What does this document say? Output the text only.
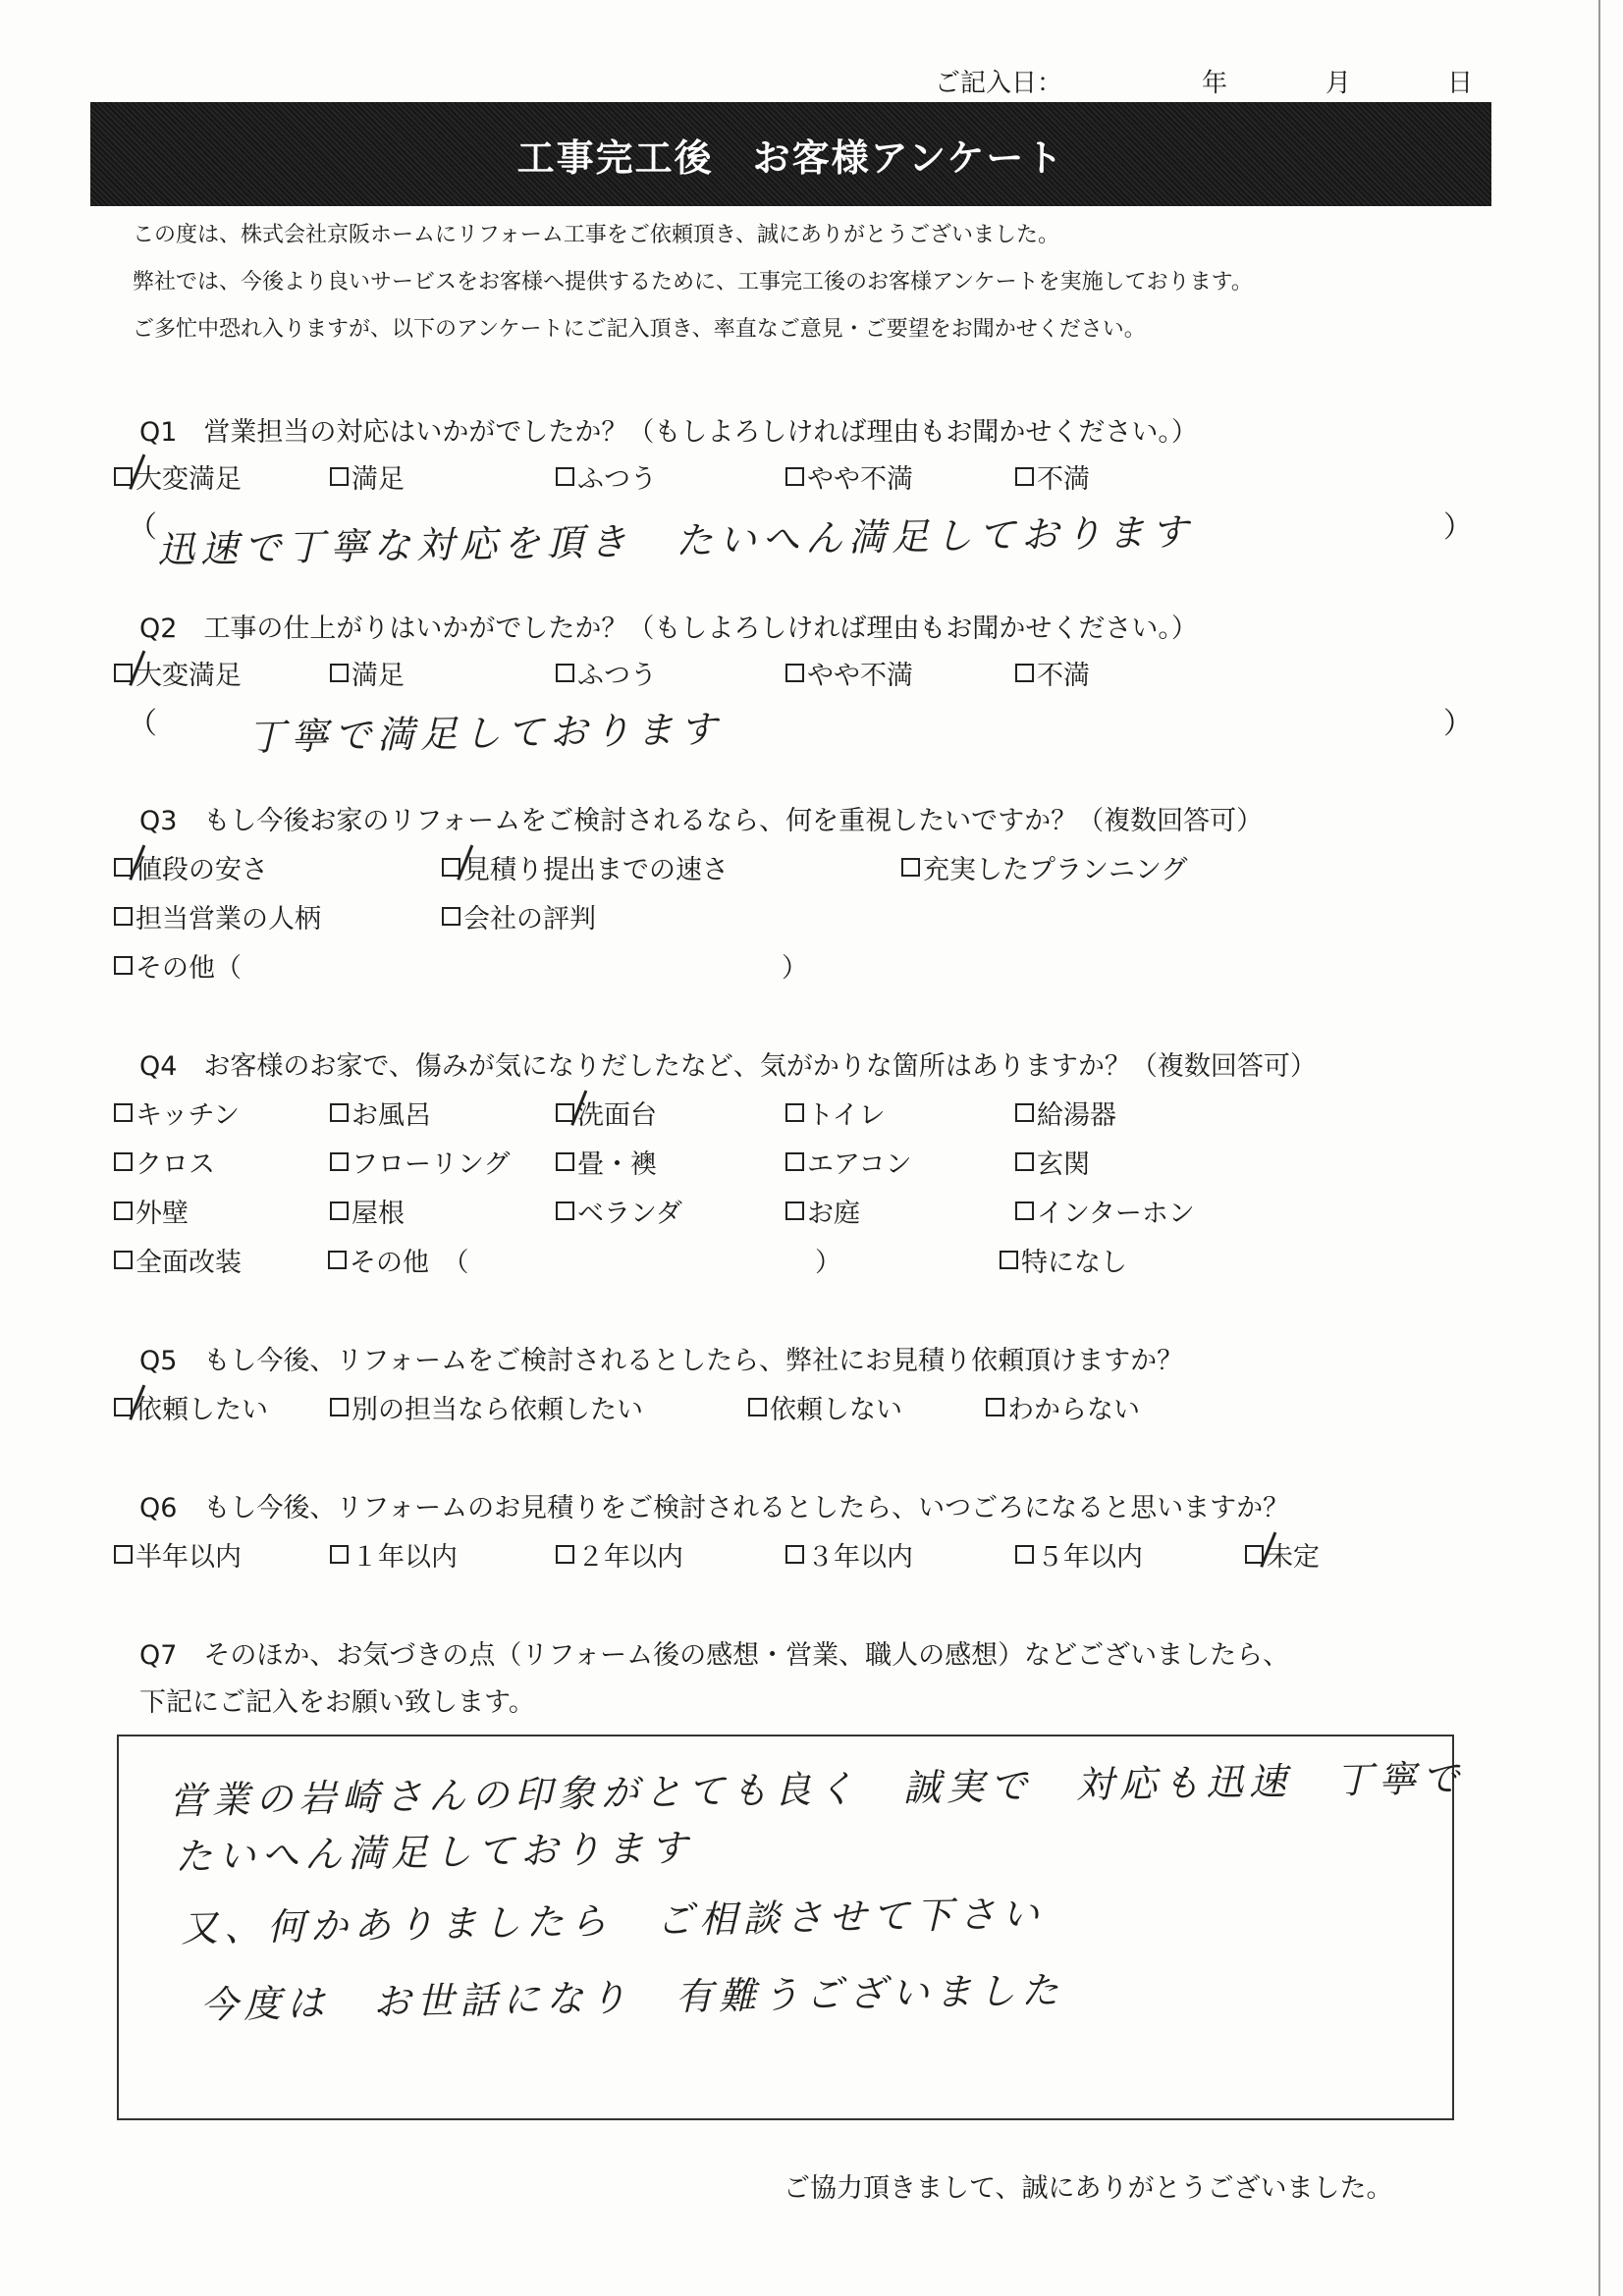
ご記入日：	年	月	日
工事完工後　お客様アンケート
この度は、株式会社京阪ホームにリフォーム工事をご依頼頂き、誠にありがとうございました。
弊社では、今後より良いサービスをお客様へ提供するために、工事完工後のお客様アンケートを実施しております。
ご多忙中恐れ入りますが、以下のアンケートにご記入頂き、率直なご意見・ご要望をお聞かせください。
Q1　営業担当の対応はいかがでしたか？（もしよろしければ理由もお聞かせください。）
大変満足	満足	ふつう	やや不満	不満
（ 迅速で丁寧な対応を頂き　たいへん満足しております	）
Q2　工事の仕上がりはいかがでしたか？（もしよろしければ理由もお聞かせください。）
大変満足	満足	ふつう	やや不満	不満
（ 丁寧で満足しております	）
Q3　もし今後お家のリフォームをご検討されるなら、何を重視したいですか？（複数回答可）
値段の安さ	見積り提出までの速さ	充実したプランニング
担当営業の人柄	会社の評判
その他（	）
Q4　お客様のお家で、傷みが気になりだしたなど、気がかりな箇所はありますか？（複数回答可）
キッチン	お風呂	洗面台	トイレ	給湯器
クロス	フローリング	畳・襖	エアコン	玄関
外壁	屋根	ベランダ	お庭	インターホン
全面改装	その他　（	）	特になし
Q5　もし今後、リフォームをご検討されるとしたら、弊社にお見積り依頼頂けますか？
依頼したい	別の担当なら依頼したい	依頼しない	わからない
Q6　もし今後、リフォームのお見積りをご検討されるとしたら、いつごろになると思いますか？
半年以内	１年以内	２年以内	３年以内	５年以内	未定
Q7　そのほか、お気づきの点（リフォーム後の感想・営業、職人の感想）などございましたら、
下記にご記入をお願い致します。
営業の岩崎さんの印象がとても良く　誠実で　対応も迅速　丁寧で
たいへん満足しております
又、何かありましたら　ご相談させて下さい
今度は　お世話になり　有難うございました
ご協力頂きまして、誠にありがとうございました。
